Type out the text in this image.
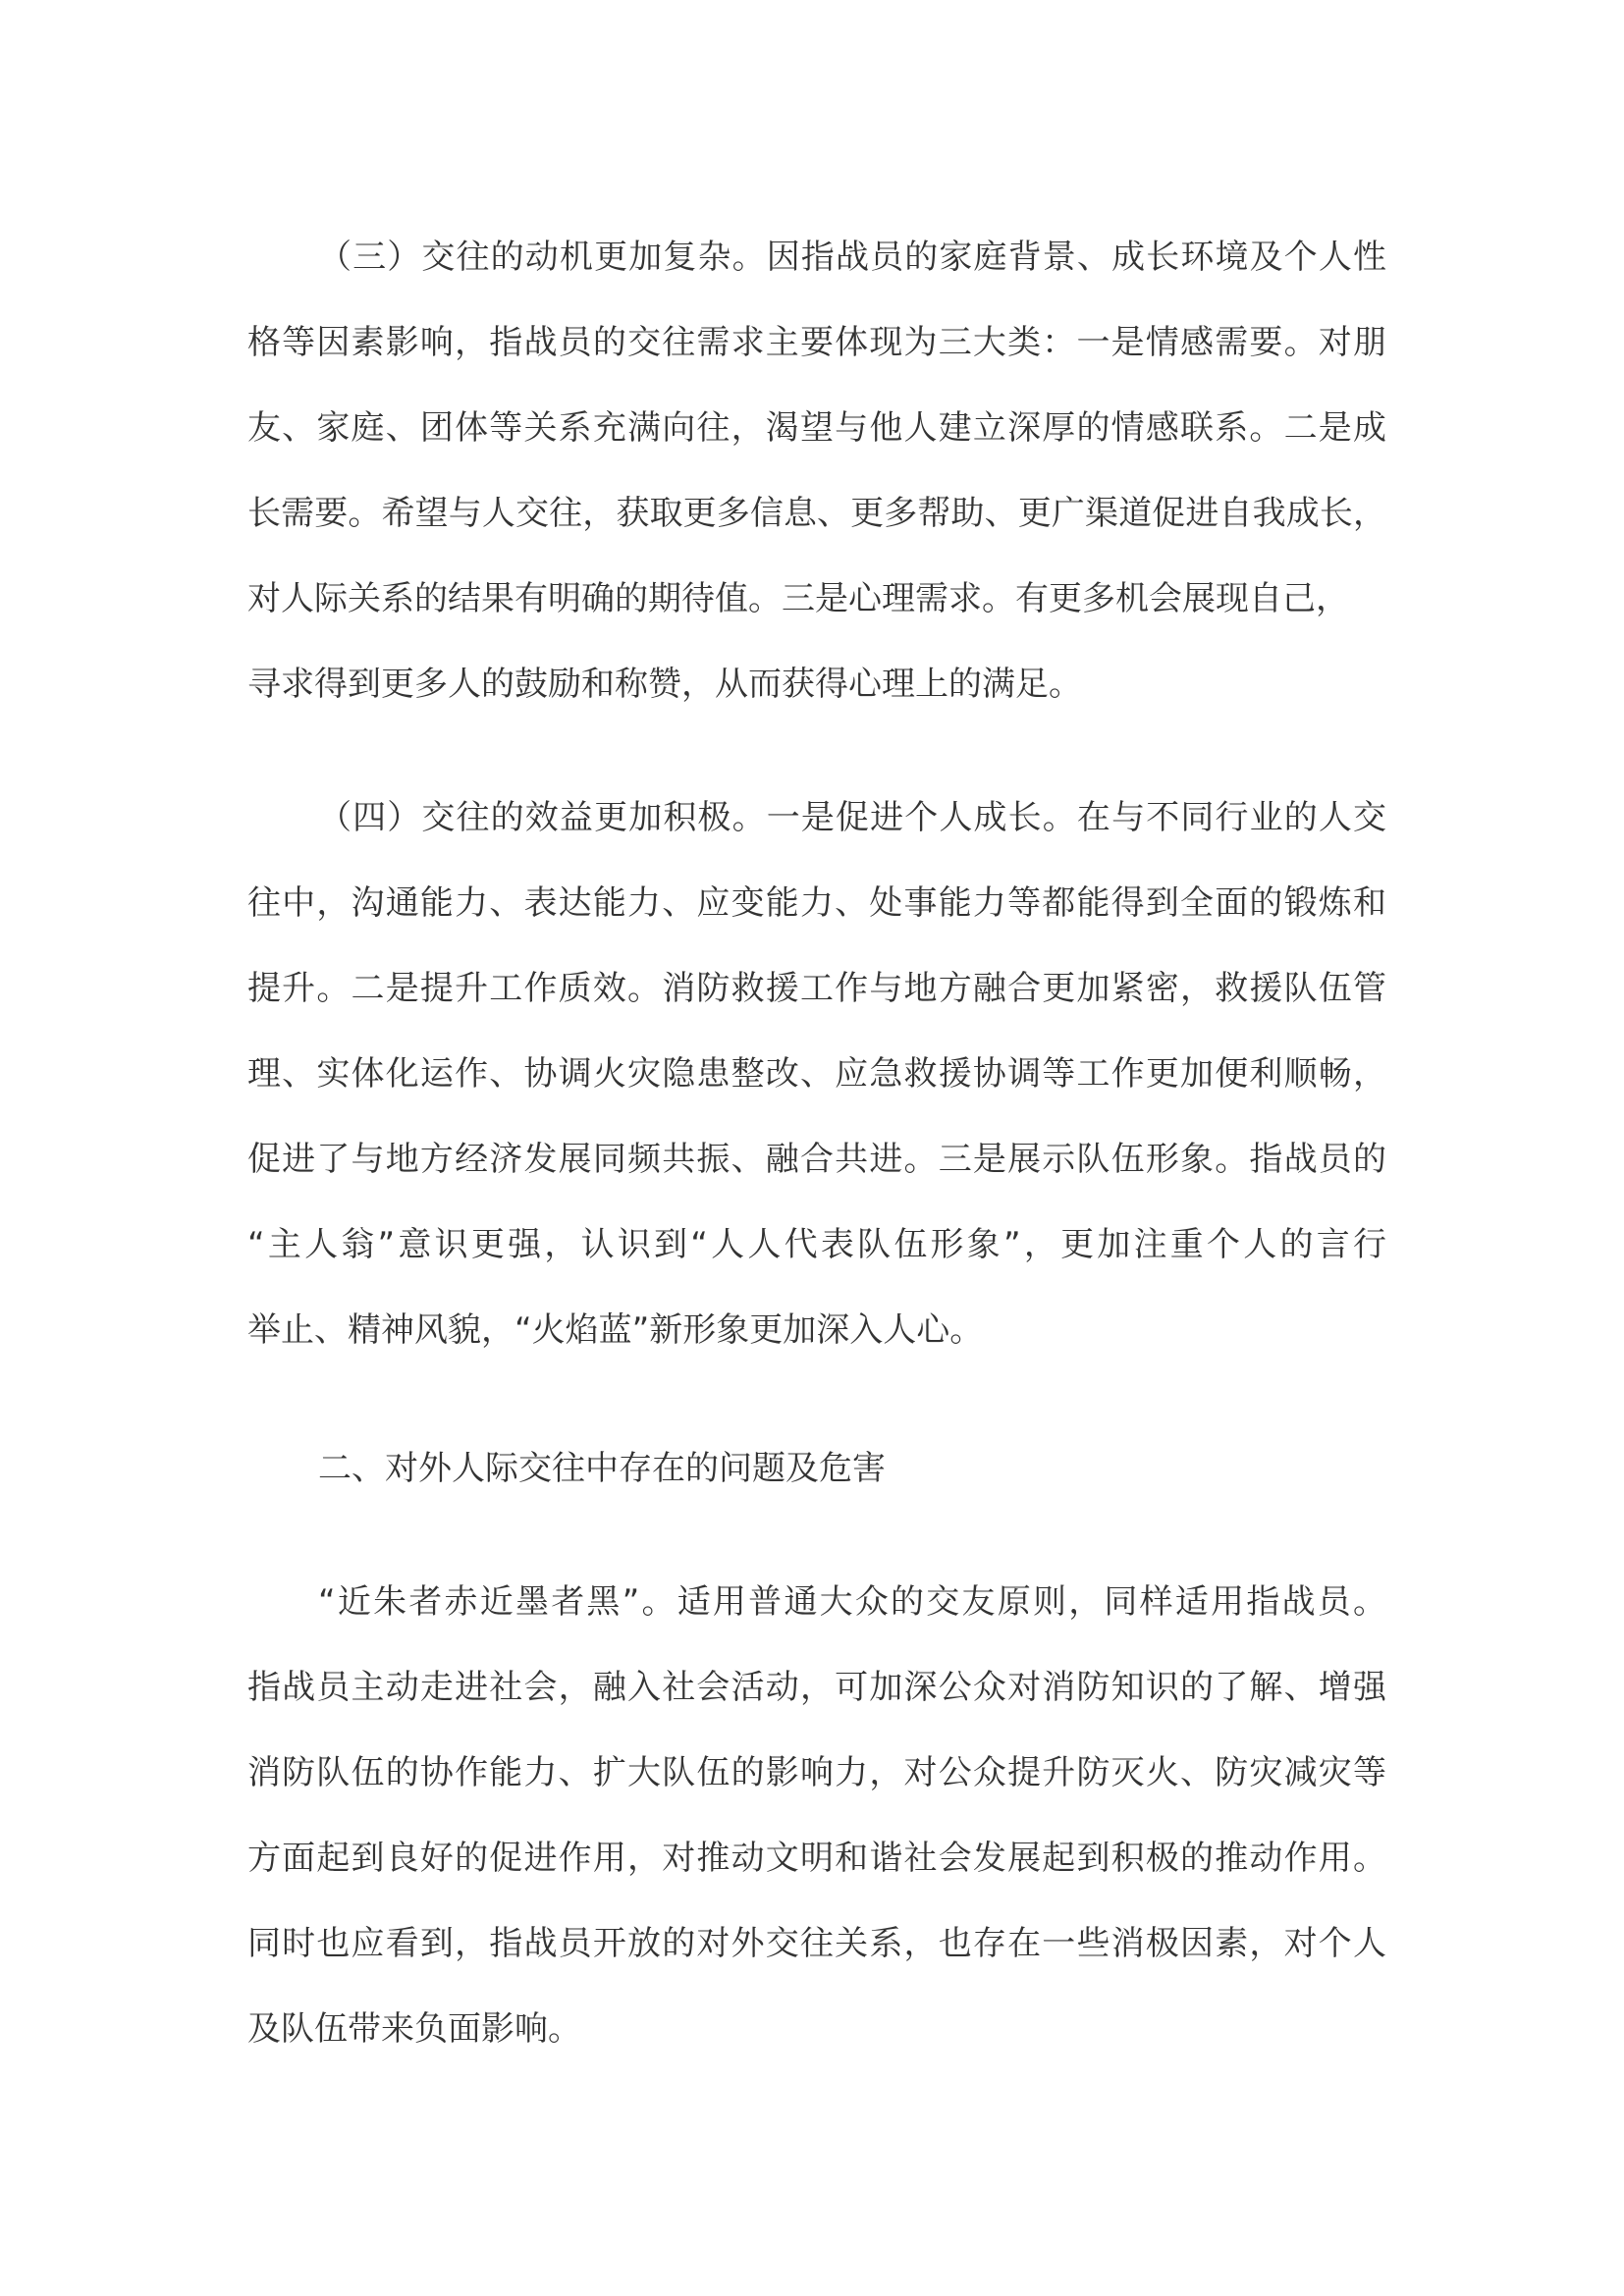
（三）交往的动机更加复杂。因指战员的家庭背景、成长环境及个人性
格等因素影响，指战员的交往需求主要体现为三大类：一是情感需要。对朋
友、家庭、团体等关系充满向往，渴望与他人建立深厚的情感联系。二是成
长需要。希望与人交往，获取更多信息、更多帮助、更广渠道促进自我成长，
对人际关系的结果有明确的期待值。三是心理需求。有更多机会展现自己，
寻求得到更多人的鼓励和称赞，从而获得心理上的满足。
（四）交往的效益更加积极。一是促进个人成长。在与不同行业的人交
往中，沟通能力、表达能力、应变能力、处事能力等都能得到全面的锻炼和
提升。二是提升工作质效。消防救援工作与地方融合更加紧密，救援队伍管
理、实体化运作、协调火灾隐患整改、应急救援协调等工作更加便利顺畅，
促进了与地方经济发展同频共振、融合共进。三是展示队伍形象。指战员的
“主人翁”意识更强，认识到“人人代表队伍形象”，更加注重个人的言行
举止、精神风貌，“火焰蓝”新形象更加深入人心。
二、对外人际交往中存在的问题及危害
“近朱者赤近墨者黑”。适用普通大众的交友原则，同样适用指战员。
指战员主动走进社会，融入社会活动，可加深公众对消防知识的了解、增强
消防队伍的协作能力、扩大队伍的影响力，对公众提升防灭火、防灾减灾等
方面起到良好的促进作用，对推动文明和谐社会发展起到积极的推动作用。
同时也应看到，指战员开放的对外交往关系，也存在一些消极因素，对个人
及队伍带来负面影响。
